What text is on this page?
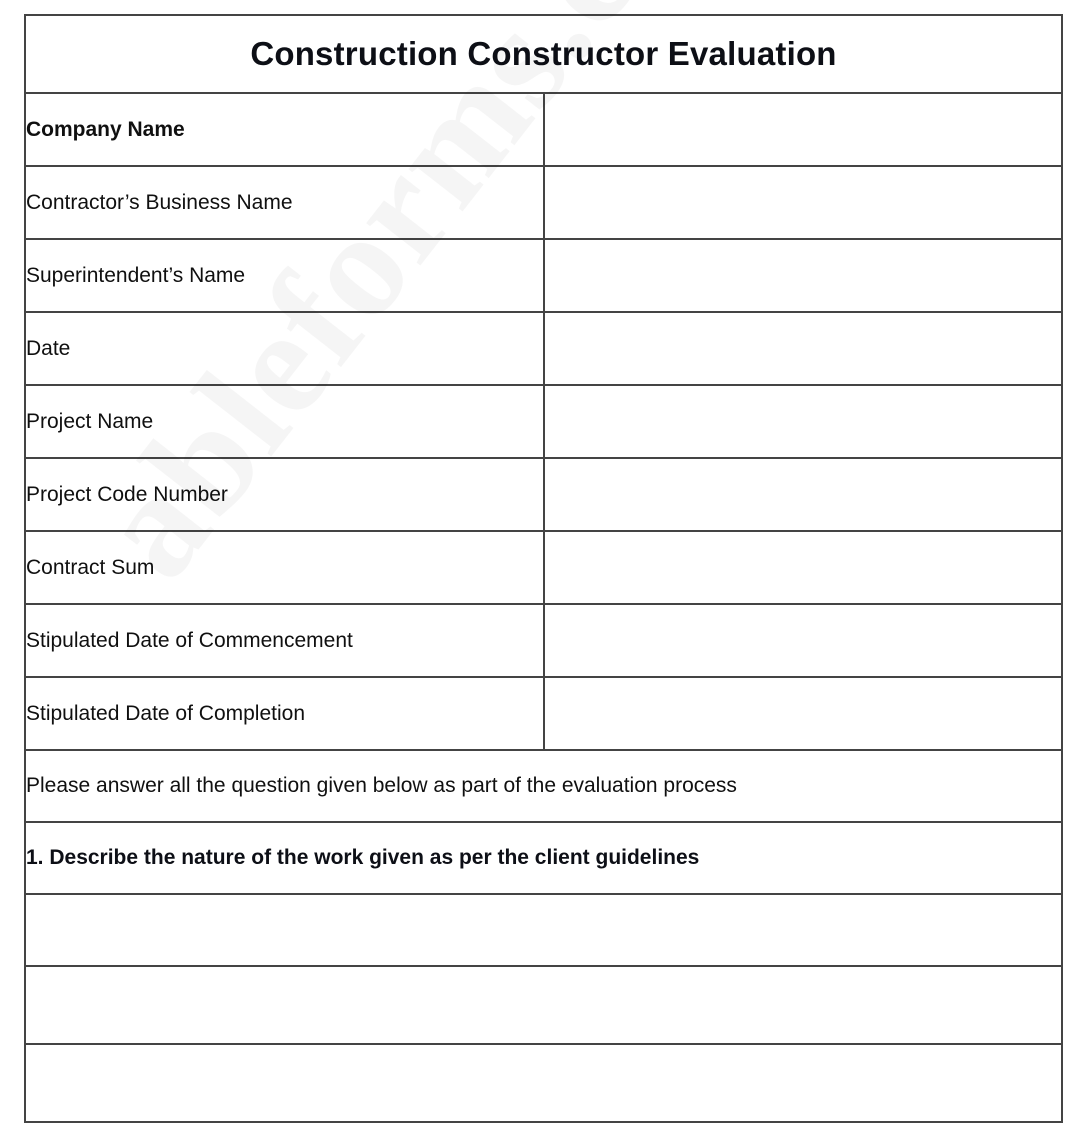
Construction Constructor Evaluation	

Company Name	

Contractor’s Business Name	

Superintendent’s Name	

Date	

Project Name	

Project Code Number	

Contract Sum	

Stipulated Date of Commencement	

Stipulated Date of Completion	

Please answer all the question given below as part of the evaluation process	

1. Describe the nature of the work given as per the client guidelines	
